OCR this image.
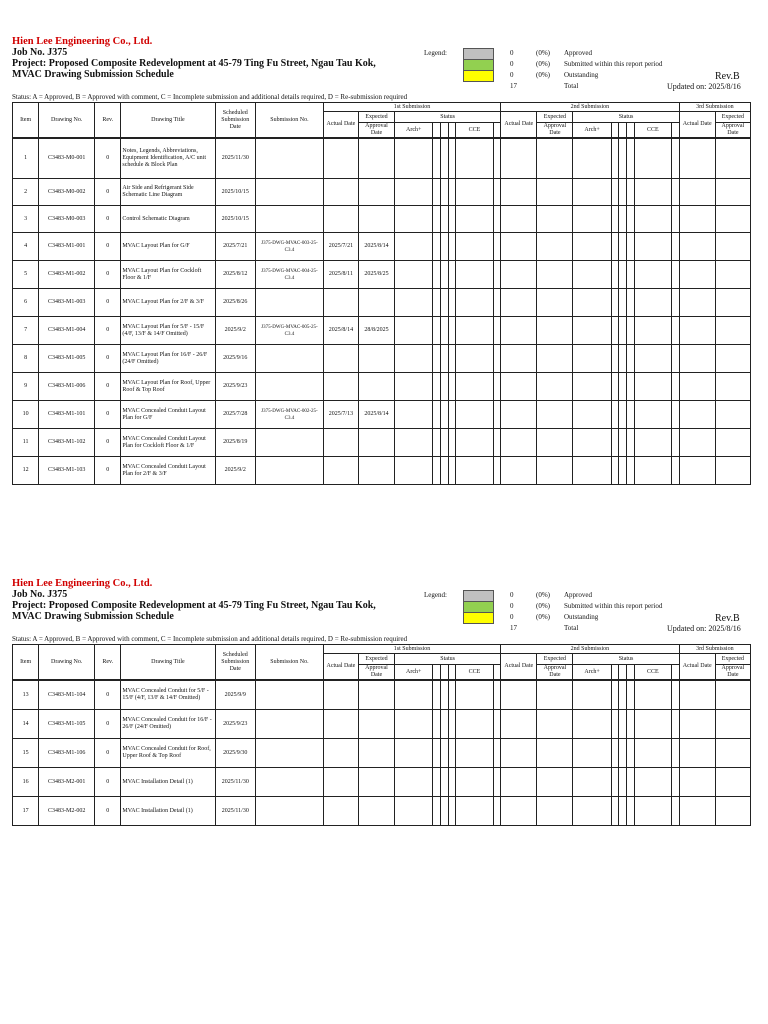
Hien Lee Engineering Co., Ltd.
Job No. J375
Project: Proposed Composite Redevelopment at 45-79 Ting Fu Street, Ngau Tau Kok,
MVAC Drawing Submission Schedule
Legend:	0	(0%) Approved
0	(0%) Submitted within this report period
0	(0%) Outstanding
17	Total
Rev.B
Updated on: 2025/8/16
Status: A = Approved, B = Approved with comment, C = Incomplete submission and additional details required, D = Re-submission required
Item	Drawing No.	Rev.	Drawing Title	Scheduled Submission Date	Submission No.	1st Submission								2nd Submission								3rd Submission	
						Actual Date	Expected	Status						Actual Date	Expected	Status						Actual Date	Expected
							Approval Date	Arch+				CCE			Approval Date	Arch+				CCE			Approval Date

1	C3483-M0-001	0	Notes, Legends, Abbreviations, Equipment Identification, A/C unit schedule & Block Plan	2025/11/30																			
2	C3483-M0-002	0	Air Side and Refrigerant Side Schematic Line Diagram	2025/10/15																			
3	C3483-M0-003	0	Control Schematic Diagram	2025/10/15																			
4	C3483-M1-001	0	MVAC Layout Plan for G/F	2025/7/21	J375-DWG-MVAC-003-25-C3.4	2025/7/21	2025/8/14																
5	C3483-M1-002	0	MVAC Layout Plan for Cockloft Floor & 1/F	2025/8/12	J375-DWG-MVAC-004-25-C3.4	2025/8/11	2025/8/25																
6	C3483-M1-003	0	MVAC Layout Plan for 2/F & 3/F	2025/8/26																			
7	C3483-M1-004	0	MVAC Layout Plan for 5/F - 15/F (4/F, 13/F & 14/F Omitted)	2025/9/2	J375-DWG-MVAC-005-25-C3.4	2025/8/14	28/8/2025																
8	C3483-M1-005	0	MVAC Layout Plan for 16/F - 26/F (24/F Omitted)	2025/9/16																			
9	C3483-M1-006	0	MVAC Layout Plan for Roof, Upper Roof & Top Roof	2025/9/23																			
10	C3483-M1-101	0	MVAC Concealed Conduit Layout Plan for G/F	2025/7/28	J375-DWG-MVAC-002-25-C3.4	2025/7/13	2025/8/14																
11	C3483-M1-102	0	MVAC Concealed Conduit Layout Plan for Cockloft Floor & 1/F	2025/8/19																			
12	C3483-M1-103	0	MVAC Concealed Conduit Layout Plan for 2/F & 3/F	2025/9/2																			
Hien Lee Engineering Co., Ltd.
Job No. J375
Project: Proposed Composite Redevelopment at 45-79 Ting Fu Street, Ngau Tau Kok,
MVAC Drawing Submission Schedule
Legend:	0	(0%) Approved
0	(0%) Submitted within this report period
0	(0%) Outstanding
17	Total
Rev.B
Updated on: 2025/8/16
Status: A = Approved, B = Approved with comment, C = Incomplete submission and additional details required, D = Re-submission required
Item	Drawing No.	Rev.	Drawing Title	Scheduled Submission Date	Submission No.	1st Submission								2nd Submission								3rd Submission	
						Actual Date	Expected	Status						Actual Date	Expected	Status						Actual Date	Expected
							Approval Date	Arch+				CCE			Approval Date	Arch+				CCE			Approval Date

13	C3483-M1-104	0	MVAC Concealed Conduit for 5/F - 15/F (4/F, 13/F & 14/F Omitted)	2025/9/9																			
14	C3483-M1-105	0	MVAC Concealed Conduit for 16/F - 26/F (24/F Omitted)	2025/9/23																			
15	C3483-M1-106	0	MVAC Concealed Conduit for Roof, Upper Roof & Top Roof	2025/9/30																			
16	C3483-M2-001	0	MVAC Installation Detail (1)	2025/11/30																			
17	C3483-M2-002	0	MVAC Installation Detail (1)	2025/11/30																			
